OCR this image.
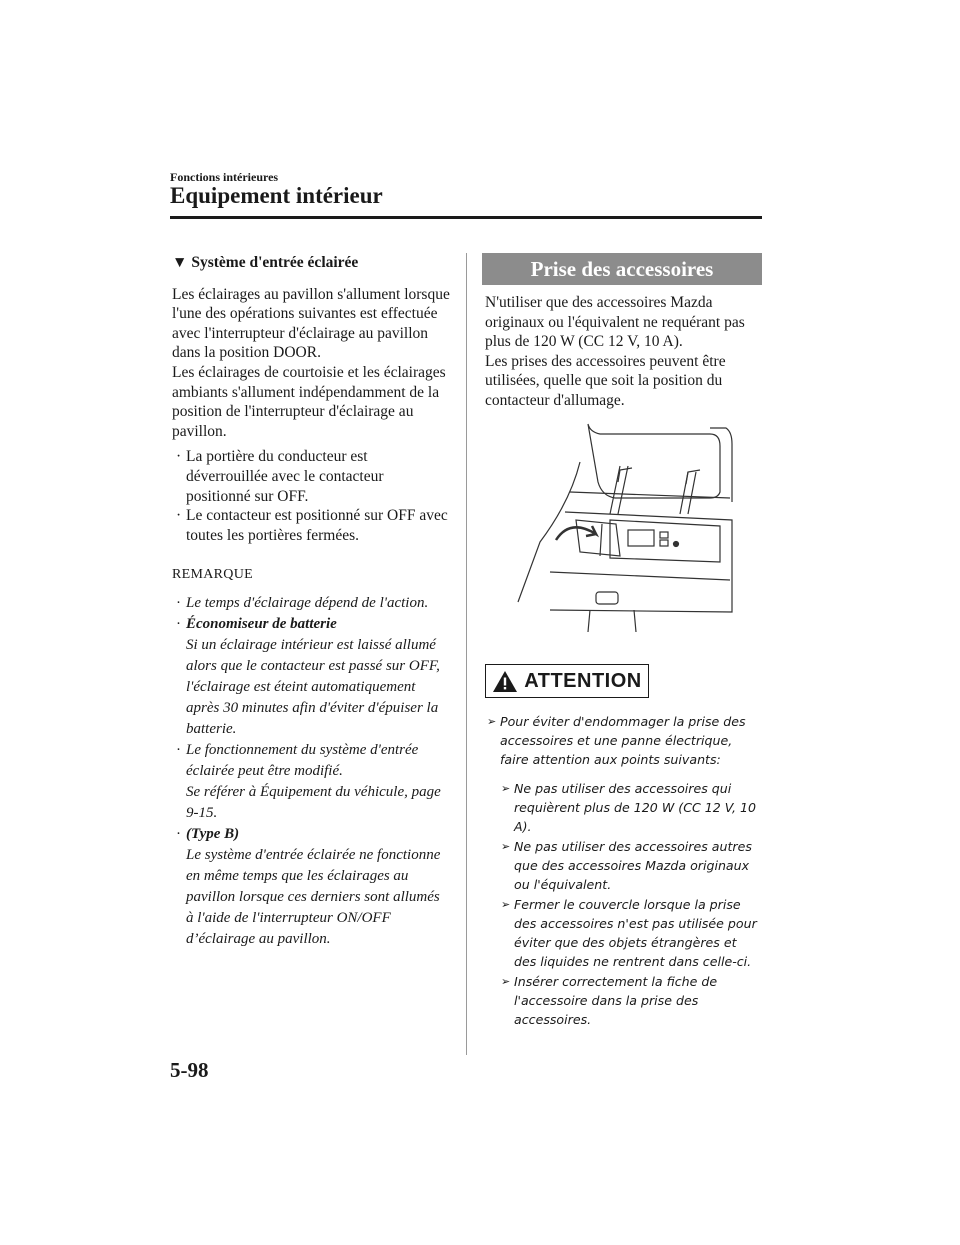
Fonctions intérieures
Equipement intérieur
▼ Système d'entrée éclairée

Les éclairages au pavillon s'allument lorsque l'une des opérations suivantes est effectuée avec l'interrupteur d'éclairage au pavillon dans la position DOOR.

Les éclairages de courtoisie et les éclairages ambiants s'allument indépendamment de la position de l'interrupteur d'éclairage au pavillon.

· La portière du conducteur est déverrouillée avec le contacteur positionné sur OFF.
· Le contacteur est positionné sur OFF avec toutes les portières fermées.
REMARQUE
· Le temps d'éclairage dépend de l'action.
· Économiseur de batterie
Si un éclairage intérieur est laissé allumé alors que le contacteur est passé sur OFF, l'éclairage est éteint automatiquement après 30 minutes afin d'éviter d'épuiser la batterie.
· Le fonctionnement du système d'entrée éclairée peut être modifié.
Se référer à Équipement du véhicule, page 9-15.
· (Type B)
Le système d'entrée éclairée ne fonctionne en même temps que les éclairages au pavillon lorsque ces derniers sont allumés à l'aide de l'interrupteur ON/OFF d’éclairage au pavillon.
Prise des accessoires

N'utiliser que des accessoires Mazda originaux ou l'équivalent ne requérant pas plus de 120 W (CC 12 V, 10 A).

Les prises des accessoires peuvent être utilisées, quelle que soit la position du contacteur d'allumage.

ATTENTION
➢ Pour éviter d'endommager la prise des accessoires et une panne électrique, faire attention aux points suivants:
➢ Ne pas utiliser des accessoires qui requièrent plus de 120 W (CC 12 V, 10 A).
➢ Ne pas utiliser des accessoires autres que des accessoires Mazda originaux ou l'équivalent.
➢ Fermer le couvercle lorsque la prise des accessoires n'est pas utilisée pour éviter que des objets étrangères et des liquides ne rentrent dans celle-ci.
➢ Insérer correctement la fiche de l'accessoire dans la prise des accessoires.
5-98
